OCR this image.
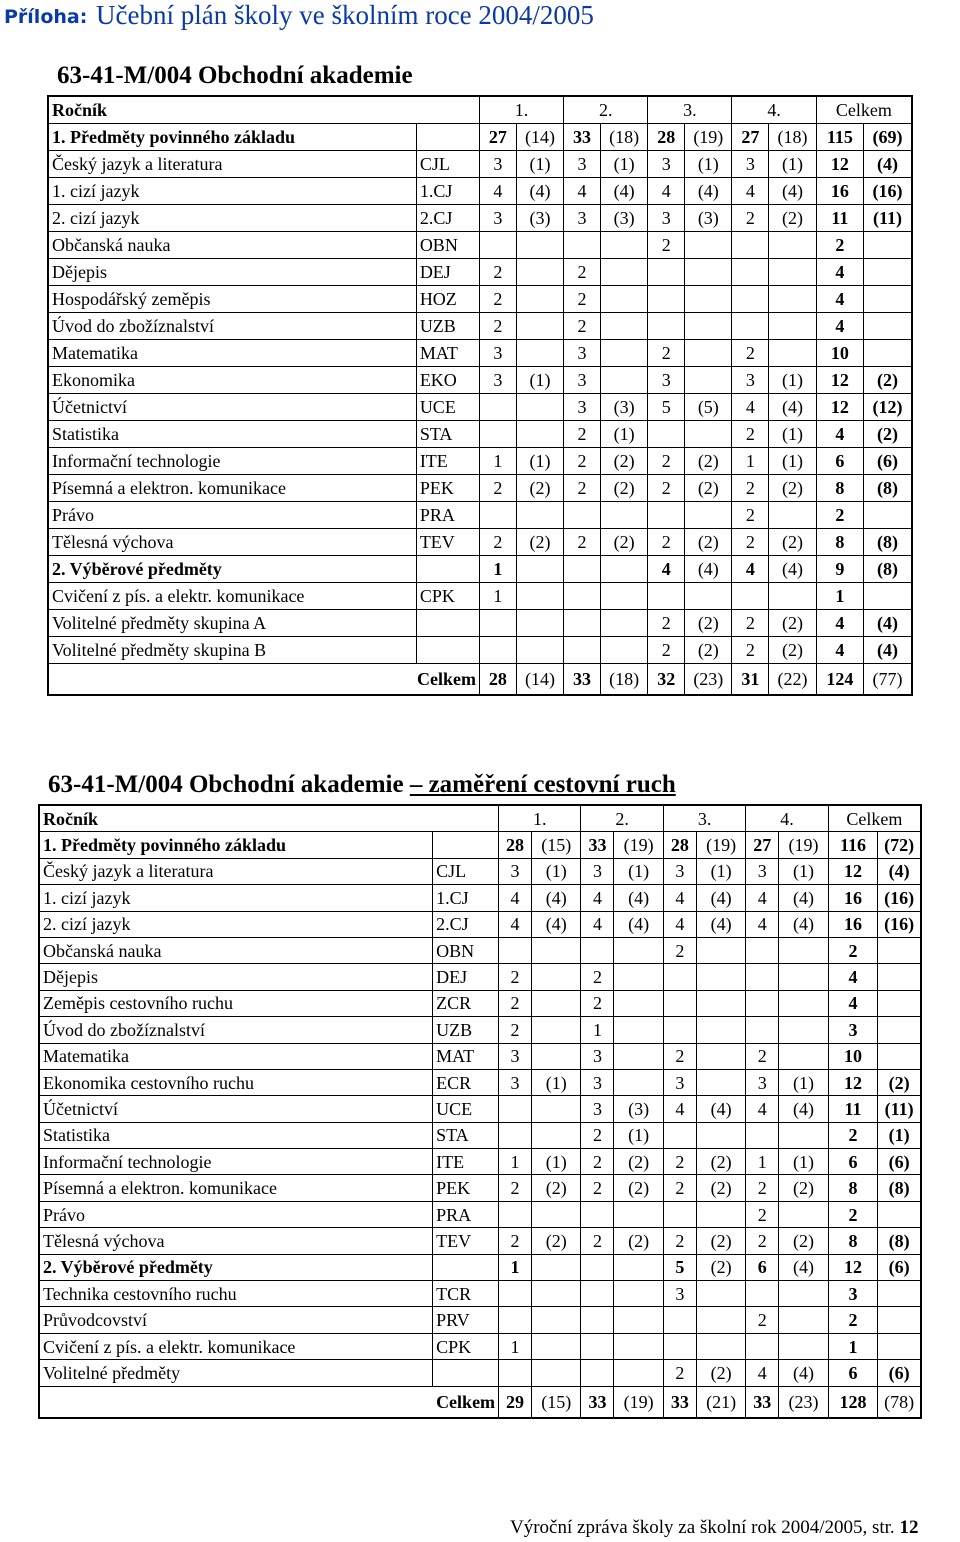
Příloha: Učební plán školy ve školním roce 2004/2005
63-41-M/004 Obchodní akademie
Ročník		1.		2.		3.		4.		Celkem	
1. Předměty povinného základu		27	(14)	33	(18)	28	(19)	27	(18)	115	(69)
Český jazyk a literatura	CJL	3	(1)	3	(1)	3	(1)	3	(1)	12	(4)
1. cizí jazyk	1.CJ	4	(4)	4	(4)	4	(4)	4	(4)	16	(16)
2. cizí jazyk	2.CJ	3	(3)	3	(3)	3	(3)	2	(2)	11	(11)
Občanská nauka	OBN					2				2	
Dějepis	DEJ	2		2						4	
Hospodářský zeměpis	HOZ	2		2						4	
Úvod do zbožíznalství	UZB	2		2						4	
Matematika	MAT	3		3		2		2		10	
Ekonomika	EKO	3	(1)	3		3		3	(1)	12	(2)
Účetnictví	UCE			3	(3)	5	(5)	4	(4)	12	(12)
Statistika	STA			2	(1)			2	(1)	4	(2)
Informační technologie	ITE	1	(1)	2	(2)	2	(2)	1	(1)	6	(6)
Písemná a elektron. komunikace	PEK	2	(2)	2	(2)	2	(2)	2	(2)	8	(8)
Právo	PRA							2		2	
Tělesná výchova	TEV	2	(2)	2	(2)	2	(2)	2	(2)	8	(8)
2. Výběrové předměty		1				4	(4)	4	(4)	9	(8)
Cvičení z pís. a elektr. komunikace	CPK	1								1	
Volitelné předměty skupina A						2	(2)	2	(2)	4	(4)
Volitelné předměty skupina B						2	(2)	2	(2)	4	(4)
Celkem		28	(14)	33	(18)	32	(23)	31	(22)	124	(77)
63-41-M/004 Obchodní akademie – zaměření cestovní ruch
Ročník		1.		2.		3.		4.		Celkem	
1. Předměty povinného základu		28	(15)	33	(19)	28	(19)	27	(19)	116	(72)
Český jazyk a literatura	CJL	3	(1)	3	(1)	3	(1)	3	(1)	12	(4)
1. cizí jazyk	1.CJ	4	(4)	4	(4)	4	(4)	4	(4)	16	(16)
2. cizí jazyk	2.CJ	4	(4)	4	(4)	4	(4)	4	(4)	16	(16)
Občanská nauka	OBN					2				2	
Dějepis	DEJ	2		2						4	
Zeměpis cestovního ruchu	ZCR	2		2						4	
Úvod do zbožíznalství	UZB	2		1						3	
Matematika	MAT	3		3		2		2		10	
Ekonomika cestovního ruchu	ECR	3	(1)	3		3		3	(1)	12	(2)
Účetnictví	UCE			3	(3)	4	(4)	4	(4)	11	(11)
Statistika	STA			2	(1)					2	(1)
Informační technologie	ITE	1	(1)	2	(2)	2	(2)	1	(1)	6	(6)
Písemná a elektron. komunikace	PEK	2	(2)	2	(2)	2	(2)	2	(2)	8	(8)
Právo	PRA							2		2	
Tělesná výchova	TEV	2	(2)	2	(2)	2	(2)	2	(2)	8	(8)
2. Výběrové předměty		1				5	(2)	6	(4)	12	(6)
Technika cestovního ruchu	TCR					3				3	
Průvodcovství	PRV							2		2	
Cvičení z pís. a elektr. komunikace	CPK	1								1	
Volitelné předměty						2	(2)	4	(4)	6	(6)
Celkem		29	(15)	33	(19)	33	(21)	33	(23)	128	(78)
Výroční zpráva školy za školní rok 2004/2005, str. 12
